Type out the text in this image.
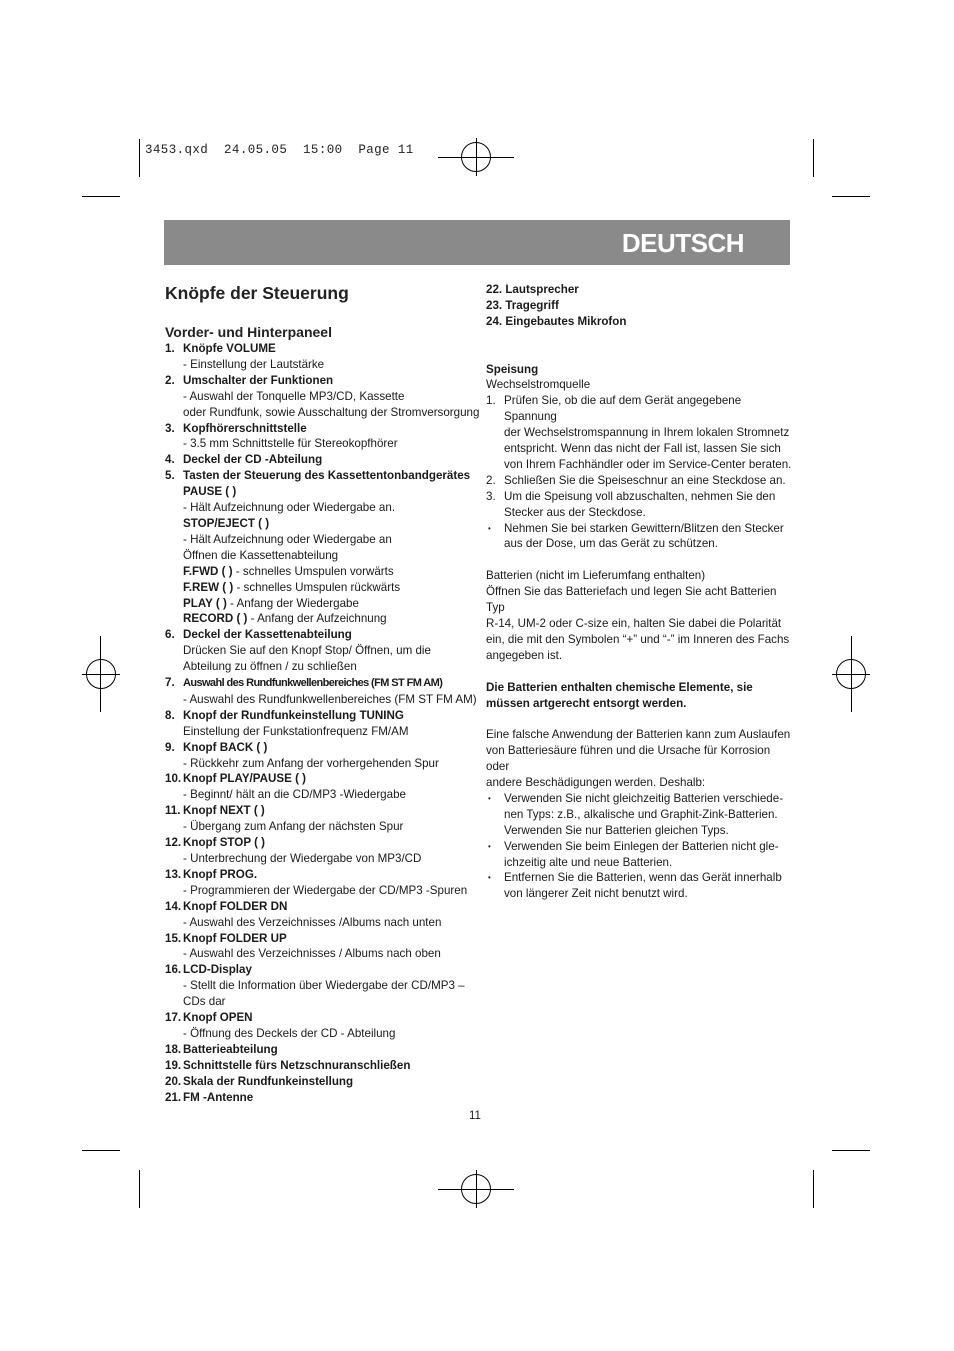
3453.qxd  24.05.05  15:00  Page 11
DEUTSCH
Knöpfe der Steuerung
Vorder- und Hinterpaneel
1. Knöpfe VOLUME
- Einstellung der Lautstärke
2. Umschalter der Funktionen
- Auswahl der Tonquelle MP3/CD, Kassette
oder Rundfunk, sowie Ausschaltung der Stromversorgung
3. Kopfhörerschnittstelle
- 3.5 mm Schnittstelle für Stereokopfhörer
4. Deckel der CD -Abteilung
5. Tasten der Steuerung des Kassettentonbandgerätes
PAUSE ( )
- Hält Aufzeichnung oder Wiedergabe an.
STOP/EJECT ( )
- Hält Aufzeichnung oder Wiedergabe an
Öffnen die Kassettenabteilung
F.FWD ( ) - schnelles Umspulen vorwärts
F.REW ( ) - schnelles Umspulen rückwärts
PLAY ( ) - Anfang der Wiedergabe
RECORD ( ) - Anfang der Aufzeichnung
6. Deckel der Kassettenabteilung
Drücken Sie auf den Knopf Stop/ Öffnen, um die
Abteilung zu öffnen / zu schließen
7. Auswahl des Rundfunkwellenbereiches (FM ST FM AM)
- Auswahl des Rundfunkwellenbereiches (FM ST FM AM)
8. Knopf der Rundfunkeinstellung TUNING
Einstellung der Funkstationfrequenz FM/AM
9. Knopf BACK ( )
- Rückkehr zum Anfang der vorhergehenden Spur
10. Knopf PLAY/PAUSE ( )
- Beginnt/ hält an die CD/MP3 -Wiedergabe
11. Knopf NEXT ( )
- Übergang zum Anfang der nächsten Spur
12. Knopf STOP ( )
- Unterbrechung der Wiedergabe von MP3/CD
13. Knopf PROG.
- Programmieren der Wiedergabe der CD/MP3 -Spuren
14. Knopf FOLDER DN
- Auswahl des Verzeichnisses /Albums nach unten
15. Knopf FOLDER UP
- Auswahl des Verzeichnisses / Albums nach oben
16. LCD-Display
- Stellt die Information über Wiedergabe der CD/MP3 –
CDs dar
17. Knopf OPEN
- Öffnung des Deckels der CD - Abteilung
18. Batterieabteilung
19. Schnittstelle fürs Netzschnuranschließen
20. Skala der Rundfunkeinstellung
21. FM -Antenne
22. Lautsprecher
23. Tragegriff
24. Eingebautes Mikrofon
Speisung
Wechselstromquelle
1. Prüfen Sie, ob die auf dem Gerät angegebene Spannung
der Wechselstromspannung in Ihrem lokalen Stromnetz
entspricht. Wenn das nicht der Fall ist, lassen Sie sich
von Ihrem Fachhändler oder im Service-Center beraten.
2. Schließen Sie die Speiseschnur an eine Steckdose an.
3. Um die Speisung voll abzuschalten, nehmen Sie den
Stecker aus der Steckdose.
• Nehmen Sie bei starken Gewittern/Blitzen den Stecker
aus der Dose, um das Gerät zu schützen.
Batterien (nicht im Lieferumfang enthalten)
Öffnen Sie das Batteriefach und legen Sie acht Batterien Typ
R-14, UM-2 oder C-size ein, halten Sie dabei die Polarität
ein, die mit den Symbolen “+” und “-” im Inneren des Fachs
angegeben ist.
Die Batterien enthalten chemische Elemente, sie
müssen artgerecht entsorgt werden.
Eine falsche Anwendung der Batterien kann zum Auslaufen
von Batteriesäure führen und die Ursache für Korrosion oder
andere Beschädigungen werden. Deshalb:
• Verwenden Sie nicht gleichzeitig Batterien verschiede-
nen Typs: z.B., alkalische und Graphit-Zink-Batterien.
Verwenden Sie nur Batterien gleichen Typs.
• Verwenden Sie beim Einlegen der Batterien nicht gle-
ichzeitig alte und neue Batterien.
• Entfernen Sie die Batterien, wenn das Gerät innerhalb
von längerer Zeit nicht benutzt wird.
11
